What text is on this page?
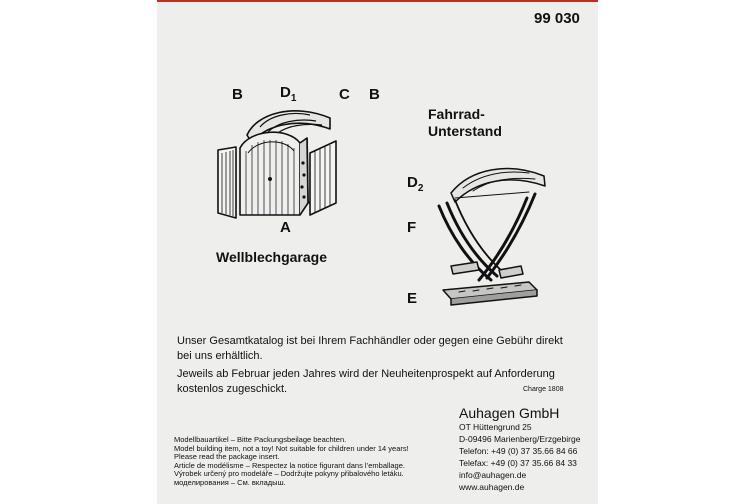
99 030
B $D_1$	C B
A
Wellblechgarage
Fahrrad-
Unterstand
$D_2$
F
E
Unser Gesamtkatalog ist bei Ihrem Fachhändler oder gegen eine Gebühr direkt bei uns erhältlich.
Jeweils ab Februar jeden Jahres wird der Neuheitenprospekt auf Anforderung kostenlos zugeschickt.	Charge 1808
Auhagen GmbH
OT Hüttengrund 25
D-09496 Marienberg/Erzgebirge
Telefon: +49 (0) 37 35.66 84 66
Telefax: +49 (0) 37 35.66 84 33
info@auhagen.de
www.auhagen.de
Modellbauartikel – Bitte Packungsbeilage beachten.
Model building item, not a toy! Not suitable for children under 14 years!
Please read the package insert.
Article de modélisme – Respectez la notice figurant dans l’emballage.
Výrobek určený pro modeláře – Dodržujte pokyny přibalového letáku.
моделирования – См. вкладыш.
